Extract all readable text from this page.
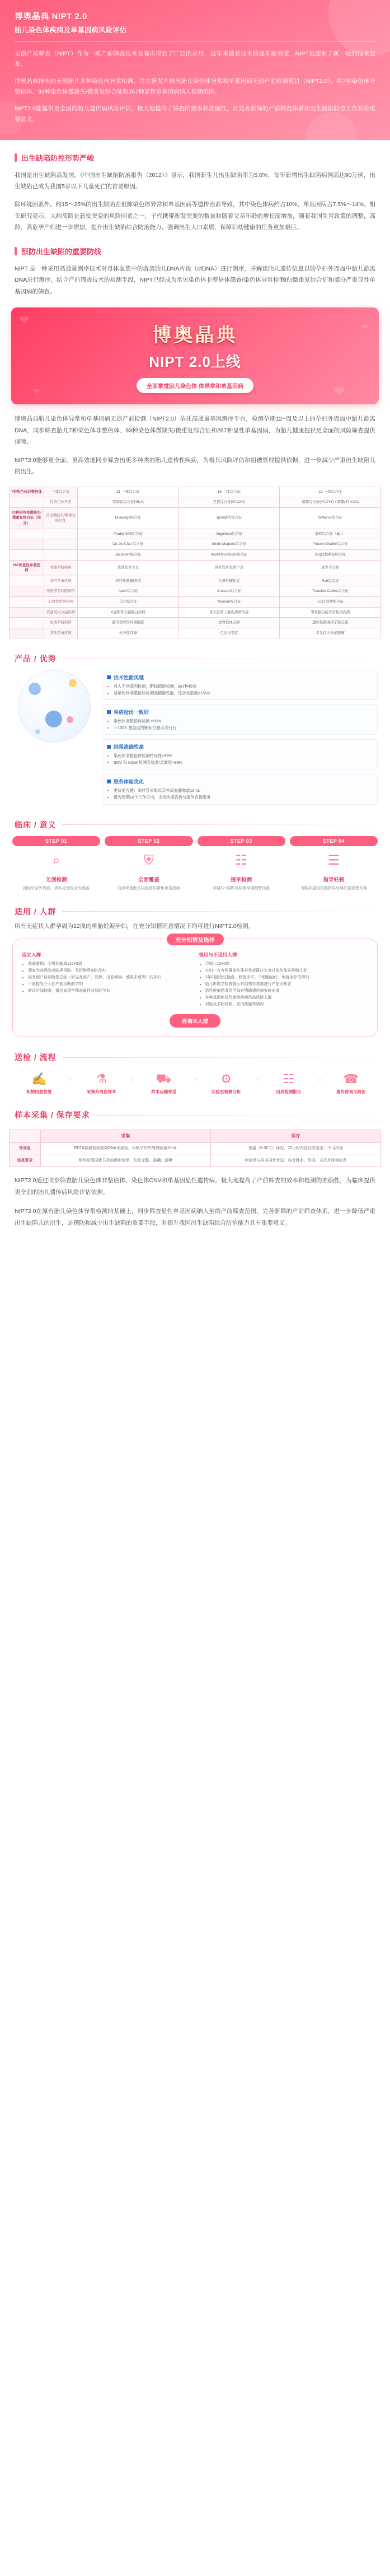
博奥晶典 NIPT 2.0
胎儿染色体疾病及单基因病风险评估
无创产前筛查（NIPT）作为一项产前筛查技术在临床得到了广泛的应用，近年来随着技术的逐步取突破，NIPT也迎来了新一轮的技术变革。
博奥晶典推出的无创胎儿多种染色体异常检测，旨在研发并推出胎儿染色体异常和单基因病无创产前检测项目（NIPT2.0），将7种染色体非整倍体、93种染色体微缺失/微重复综合征和267种显性单基因病纳入检测范围。
NiPT2.0能提供更全面的胎儿遗传病风险评估，极大地提高了筛查的效率和准确性，对完善新筛的产前筛查体系和出生缺陷防控工作具有重要意义。
出生缺陷防控形势严峻
我国是出生缺陷高发国，《中国出生缺陷防治报告（2012）》显示，我国新生儿出生缺陷率为5.6%，每年新增出生缺陷病例高达90万例，出生缺陷已成为我国5岁以下儿童死亡的首要原因。
除环境因素外，约15～25%的出生缺陷由但陈染色体异常和单基因病等遗传因素导致，其中染色体病约占10%，单基因病占7.5%～14%。相关研究显示，大约高龄是新发突变的风险因素之一，子代携带新发突变的数量和随着父亲年龄的增长而增加，随着我国生育政策的调整，高龄、高危孕产妇进一步增加，提升出生缺陷综合防治能力，强调出生人口素质，保障妇幼健康的任务更加艰巨。
预防出生缺陷的重要防线
NIPT 是一种采用高通量测序技术对母体血浆中的游离胎儿DNA片段（cfDNA）进行测序，并解读胎儿遗传信息以的孕妇外周血中胎儿游离DNA进行测序，结合产前筛查技术的检测手段，NIPT已经成为常见染色体非整倍体筛查/染色体异常检测的/微重复综合征和部分严重显性单基因病的筛查。
❤
❤
❤	❤
博奥晶典
NIPT 2.0上线
全面掌觉胎儿染色体 体异常和单基因病
博奥晶典胎儿染色体异常和单基因病无创产前检测（NIPT2.0）依托高通量基因测序平台，检测孕期12+周及以上的孕妇外周血中胎儿游离DNA，同步筛查胎儿7种染色体非整倍体、93种染色体微缺失/微重复综合征和267种显性单基因病，为胎儿健康提供更全面的风险筛查提供保障。
NIPT2.0能够更全面、更高效地同步筛查出更多种类的胎儿遗传性疾病，为极具风险评估和组被管理提供依据，进一步减少严重出生缺陷儿的出生。
7种染色体非整倍体	三体综合征	21-三体综合征	18-三体综合征	13-三体综合征
	性染色体异常	特纳氏综合征(45,X)	克氏综合征(47,XXY)	超雄综合征(47,XYY) / 超雌(47,XXX)
93种染色体微缺失/微重复综合征（部分）	常见微缺失/微重复综合征	DiGeorge综合征	1p36缺失综合征	Williams综合征
		Prader-Willi综合征	Angelman综合征	猫叫综合征（5p-）
		Cri-Du-Chat 综合征	Smith-Magenis综合征	Potocki-Shaffer综合征
		Jacobsen综合征	Wolf-Hirschhorn综合征	22q11微重复综合征
267种显性单基因病	骨骼系统疾病	软骨发育不全	致死性骨发育不全	成骨不全症
	神经系统疾病	神经纤维瘤病I型	结节性硬化症	Rett综合征
	颅面部及四肢畸形	Apert综合征	Crouzon综合征	Treacher Collins综合征
	心血管系统疾病	马凡综合征	Noonan综合征	长QT间期综合征
	代谢及内分泌疾病	X连锁肾上腺脑白质病	先天性肾上腺皮质增生症	甲状腺功能异常相关疾病
	血液系统疾病	遗传性球形红细胞症	血管性血友病	遗传性凝血因子缺乏症
	其他系统疾病	先天性耳聋	色素失禁症	多发性内分泌腺瘤
产品 / 优势
技术性能优越
• 成人无创基因检测，靶标精准检测；367种疾病
• 活染色体非整倍体检测高精准性能，综合灵敏度>1/200
单病检出一致好
• 染色体非整倍体检测 >99%
• ＞100X 覆盖度的靶标位置点次行行
结果准确性高
• 染色体非整倍体检测特异性>99%
• SNV 和 InDel 检测有效度/灵敏度>99%
服务体验优化
• 更快更方便：采样管采集母亲外周血静脉血10mL
• 报告周期10个工作日内，支持快速咨询与遗传咨询服务
临床 / 意义
STEP 01
⌕
无创检测
抽取母亲外周血，真实无创安全无痛苦
STEP 02
⛨
全面覆盖
同步筛查胎儿染色体异常和单基因病
STEP 03
☷
提早检测
孕期12+周即可检测早期预警风险
STEP 04
☰
指导妊娠
为临床提供依据指导后续妊娠管理方案
适用 / 人群
所有无症状人群孕周为12周的单胎妊娠孕妇，在充分知情同意情况下均可进行NIPT2.0检测。
充分知情及选择
适宜人群
• 普通要期：孕周妊娠周≥12+0周
• 筛查为高风险或临界风险，且拒绝穿刺的孕妇
• 因有创产前诊断禁忌症（如先兆流产、发热、出血倾向、感染未愈等）的孕妇
• 不愿接受介入性产前诊断的孕妇
• 就诊时间较晚，错过血清学筛查最佳时间的孕妇
慎用与不适用人群
• 孕周＜12+0周
• 夫妇一方有明确染色体异常或既往生育过染色体异常胎儿者
• 1年内接受过输血、移植手术、干细胞治疗、免疫治疗的孕妇
• 胎儿影像学检查提示有结构异常需进行产前诊断者
• 恶性肿瘤患者及孕妇有明确遗传病家族史者
• 各种基因病及代谢性疾病的高风险人群
• 双胎及多胎妊娠、宫内死胎等情况
咨询本人群
送检 / 流程
✍
知情同意签署
›	⚗
采集外周血样本
›	⛟
样本运输寄送
›	⚙
实验室检测分析
›	☷
出具检测报告
›	☎
遗传咨询与随访
样本采集 / 保存要求
	采集	保存
外周血	EDTA抗凝管或游离DNA采血管，采集孕妇外周静脉血10mL	室温（6-35℃）保存，72小时内送达实验室；不可冷冻
信息要求	填写知情同意书及检测申请单，信息完整、准确、清晰	申请单与样本同步寄送；核对姓名、孕周、末次月经等信息
NIPT2.0通过同步筛查胎儿染色体非整倍体、染色体CNV和单基因显性遗传病，极大地提高了产前筛查的效率和检测的准确性，为临床提供更全面的胎儿遗传病风险评估依据。
NIPT2.0在原有胎儿染色体异常检测的基础上，同步筛查显性单基因病纳入至的产前筛查范围，完善新筛的产前筛查体系，进一步降低严重出生缺陷儿的出生，是预防和减少出生缺陷的重要手段，对提升我国出生缺陷综合防治能力具有重要意义。
